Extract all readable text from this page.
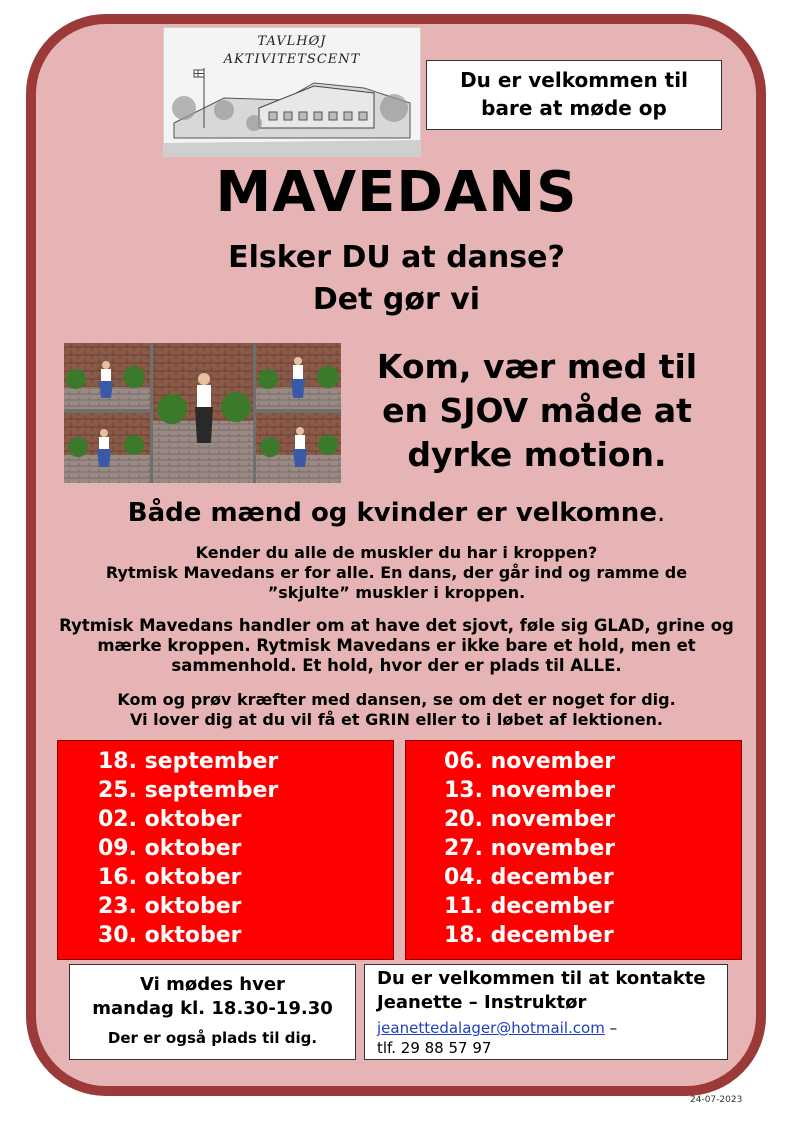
TAVLHØJ
AKTIVITETSCENT
Du er velkommen til
bare at møde op
MAVEDANS
Elsker DU at danse?
Det gør vi
Kom, vær med til
en SJOV måde at
dyrke motion.
Både mænd og kvinder er velkomne.
Kender du alle de muskler du har i kroppen?
Rytmisk Mavedans er for alle. En dans, der går ind og ramme de
”skjulte” muskler i kroppen.
Rytmisk Mavedans handler om at have det sjovt, føle sig GLAD, grine og
mærke kroppen. Rytmisk Mavedans er ikke bare et hold, men et
sammenhold. Et hold, hvor der er plads til ALLE.
Kom og prøv kræfter med dansen, se om det er noget for dig.
Vi lover dig at du vil få et GRIN eller to i løbet af lektionen.
18. september
25. september
02. oktober
09. oktober
16. oktober
23. oktober
30. oktober
06. november
13. november
20. november
27. november
04. december
11. december
18. december
Vi mødes hver
mandag kl. 18.30-19.30
Der er også plads til dig.
Du er velkommen til at kontakte
Jeanette – Instruktør
jeanettedalager@hotmail.com –
tlf. 29 88 57 97
24-07-2023
